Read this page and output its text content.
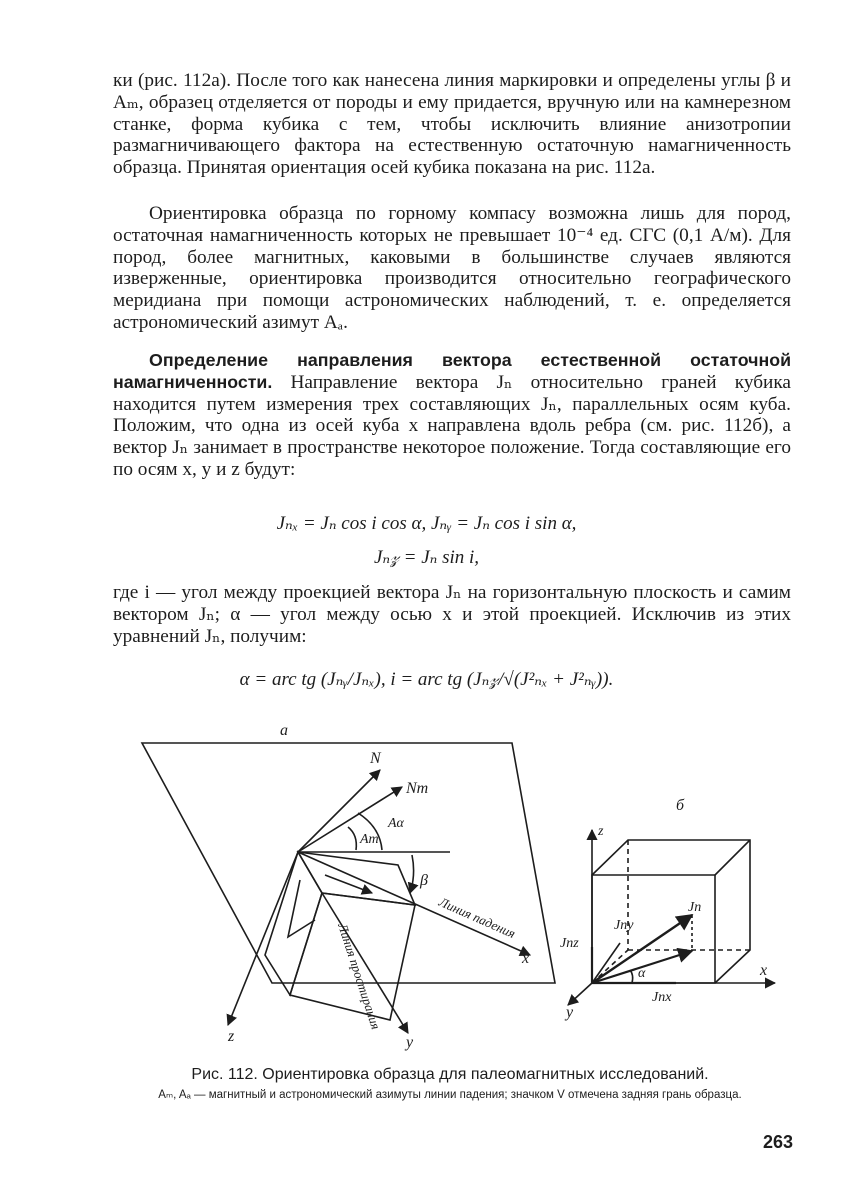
ки (рис. 112а). После того как нанесена линия маркировки и определены углы β и Aₘ, образец отделяется от породы и ему придается, вручную или на камнерезном станке, форма кубика с тем, чтобы исключить влияние анизотропии размагничивающего фактора на естественную остаточную намагниченность образца. Принятая ориентация осей кубика показана на рис. 112а.

Ориентировка образца по горному компасу возможна лишь для пород, остаточная намагниченность которых не превышает 10⁻⁴ ед. СГС (0,1 А/м). Для пород, более магнитных, каковыми в большинстве случаев являются изверженные, ориентировка производится относительно географического меридиана при помощи астрономических наблюдений, т. е. определяется астрономический азимут Aₐ.

Определение направления вектора естественной остаточной намагниченности. Направление вектора Jₙ относительно граней кубика находится путем измерения трех составляющих Jₙ, параллельных осям куба. Положим, что одна из осей куба x направлена вдоль ребра (см. рис. 112б), а вектор Jₙ занимает в пространстве некоторое положение. Тогда составляющие его по осям x, y и z будут:

Jₙₓ = Jₙ cos i cos α, Jₙᵧ = Jₙ cos i sin α,
Jₙ𝓏 = Jₙ sin i,

где i — угол между проекцией вектора Jₙ на горизонтальную плоскость и самим вектором Jₙ; α — угол между осью x и этой проекцией. Исключив из этих уравнений Jₙ, получим:

α = arc tg (Jₙᵧ/Jₙₓ), i = arc tg (Jₙ𝓏/√(J²ₙₓ + J²ₙᵧ)).
а
б
N
Nm
Am
Aα
β
Линия падения
Линия простирания	x
z	y
z
x
y
Jn
Jny
Jnz
Jnx
α
Рис. 112. Ориентировка образца для палеомагнитных исследований.
Aₘ, Aₐ — магнитный и астрономический азимуты линии падения; значком V отмечена задняя грань образца.
263
